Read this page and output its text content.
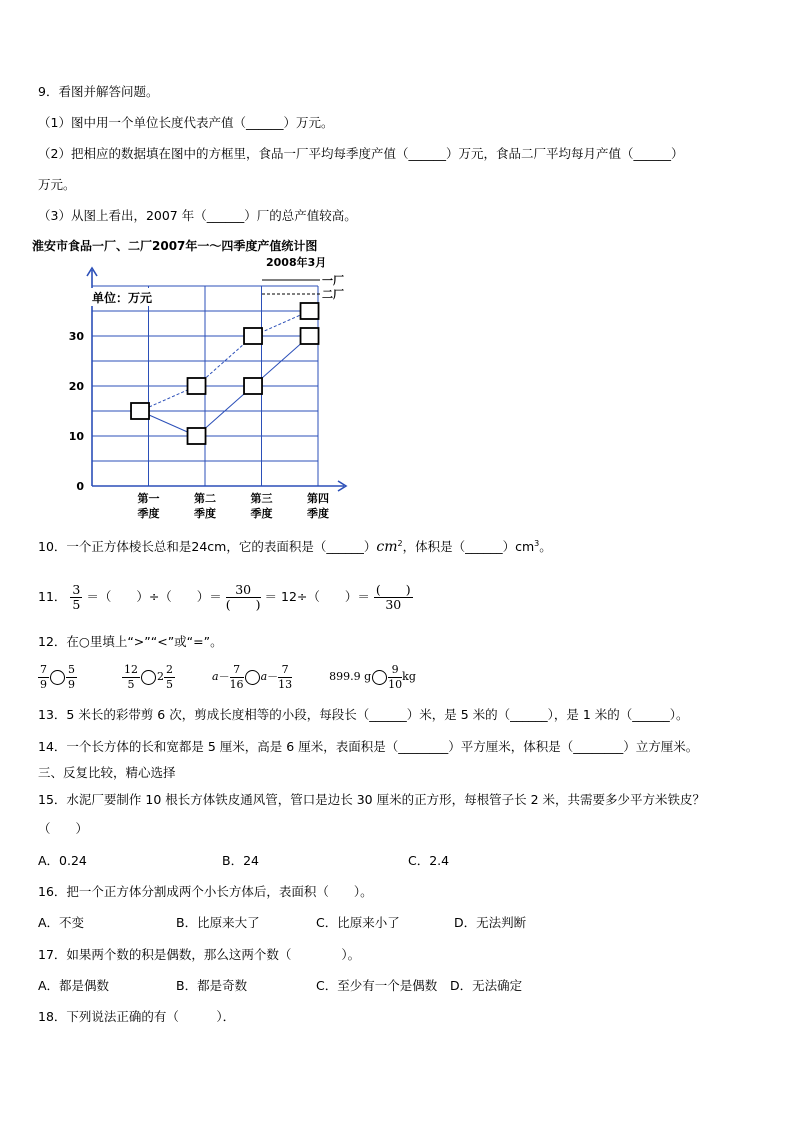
9．看图并解答问题。
（1）图中用一个单位长度代表产值（______）万元。
（2）把相应的数据填在图中的方框里，食品一厂平均每季度产值（______）万元，食品二厂平均每月产值（______）
万元。
（3）从图上看出，2007 年（______）厂的总产值较高。
淮安市食品一厂、二厂2007年一～四季度产值统计图
2008年3月
0
10
20
30
第一
季度
第二
季度
第三
季度
第四
季度
一厂
二厂
单位：万元
10．一个正方体棱长总和是24cm，它的表面积是$(\_\_\_\_\_\_)cm^2$，体积是$(\_\_\_\_\_\_)cm^3$。
11． $\frac{3}{5}$ ＝（　　）÷（　　）＝	30
(　　)
＝ 12÷（　　）＝ (　　)
30
12．在○里填上“>”“<”或“=”。
$\frac{7}{9} \frac{5}{9}$
	$\frac{12}{5} 2 \frac{2}{5}$	$a- \frac{7}{16} a- \frac{7}{13}$	899.9 g $\frac{9}{10}$ kg
13．5 米长的彩带剪 6 次，剪成长度相等的小段，每段长（______）米，是 5 米的（______），是 1 米的（______）。
14．一个长方体的长和宽都是 5 厘米，高是 6 厘米，表面积是（________）平方厘米，体积是（________）立方厘米。
三、反复比较，精心选择
15．水泥厂要制作 10 根长方体铁皮通风管，管口是边长 30 厘米的正方形，每根管子长 2 米，共需要多少平方米铁皮？
（　　）
A．0.24	B．24	C．2.4
16．把一个正方体分割成两个小长方体后，表面积（　　）。
A．不变	B．比原来大了	C．比原来小了	D．无法判断
17．如果两个数的积是偶数，那么这两个数（　　　　）。
A．都是偶数	B．都是奇数	C．至少有一个是偶数 D．无法确定
18．下列说法正确的有（　　　）．
